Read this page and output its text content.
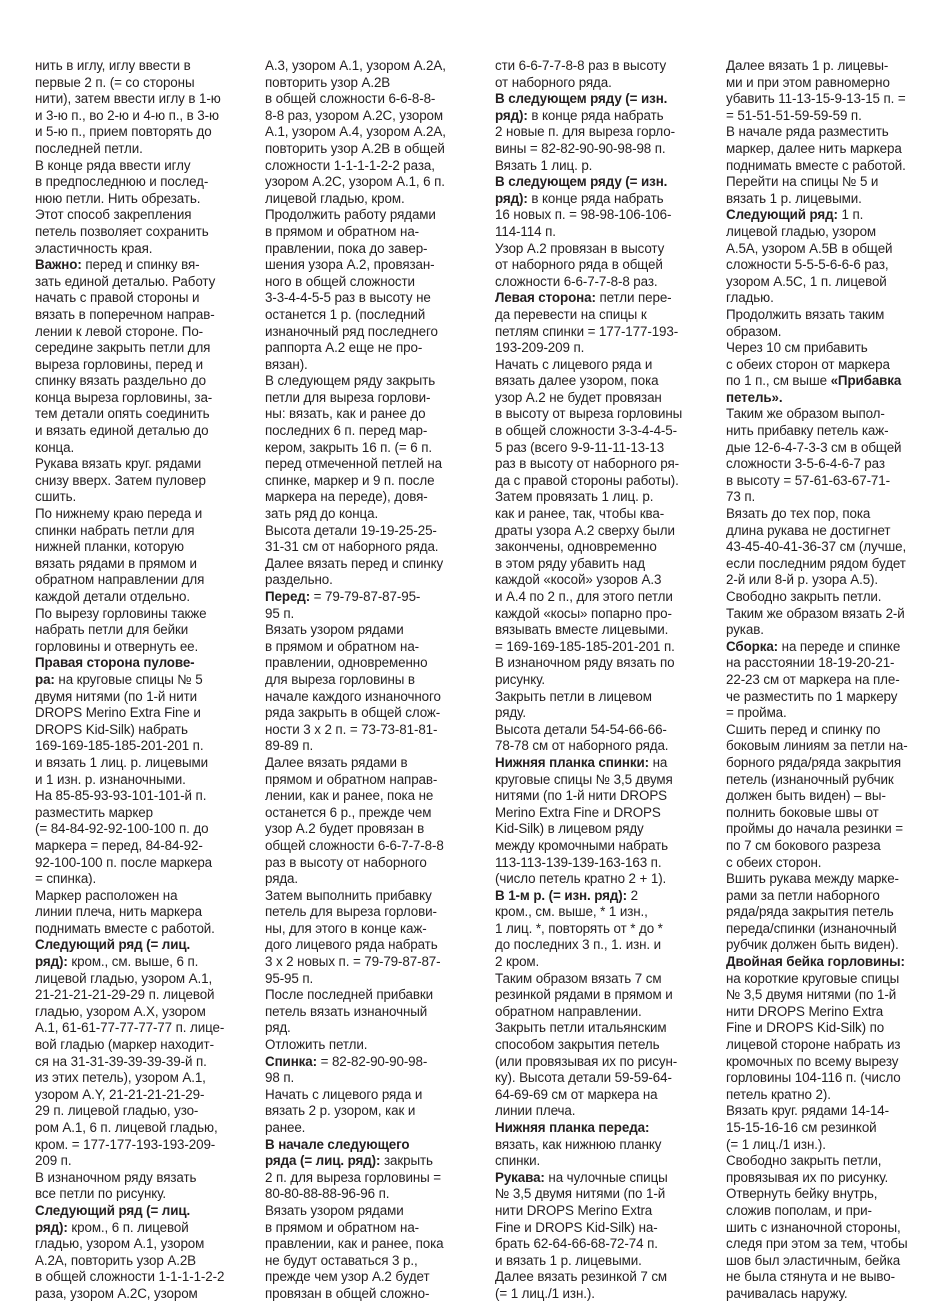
нить в иглу, иглу ввести в
первые 2 п. (= со стороны
нити), затем ввести иглу в 1-ю
и 3-ю п., во 2-ю и 4-ю п., в 3-ю
и 5-ю п., прием повторять до
последней петли.
В конце ряда ввести иглу
в предпоследнюю и послед-
нюю петли. Нить обрезать.
Этот способ закрепления
петель позволяет сохранить
эластичность края.
Важно: перед и спинку вя-
зать единой деталью. Работу
начать с правой стороны и
вязать в поперечном направ-
лении к левой стороне. По-
середине закрыть петли для
выреза горловины, перед и
спинку вязать раздельно до
конца выреза горловины, за-
тем детали опять соединить
и вязать единой деталью до
конца.
Рукава вязать круг. рядами
снизу вверх. Затем пуловер
сшить.
По нижнему краю переда и
спинки набрать петли для
нижней планки, которую
вязать рядами в прямом и
обратном направлении для
каждой детали отдельно.
По вырезу горловины также
набрать петли для бейки
горловины и отвернуть ее.
Правая сторона пулове-
ра: на круговые спицы № 5
двумя нитями (по 1-й нити
DROPS Merino Extra Fine и
DROPS Kid-Silk) набрать
169-169-185-185-201-201 п.
и вязать 1 лиц. р. лицевыми
и 1 изн. р. изнаночными.
На 85-85-93-93-101-101-й п.
разместить маркер
(= 84-84-92-92-100-100 п. до
маркера = перед, 84-84-92-
92-100-100 п. после маркера
= спинка).
Маркер расположен на
линии плеча, нить маркера
поднимать вместе с работой.
Следующий ряд (= лиц.
ряд): кром., см. выше, 6 п.
лицевой гладью, узором А.1,
21-21-21-21-29-29 п. лицевой
гладью, узором А.Х, узором
А.1, 61-61-77-77-77-77 п. лице-
вой гладью (маркер находит-
ся на 31-31-39-39-39-39-й п.
из этих петель), узором А.1,
узором А.Y, 21-21-21-21-29-
29 п. лицевой гладью, узо-
ром А.1, 6 п. лицевой гладью,
кром. = 177-177-193-193-209-
209 п.
В изнаночном ряду вязать
все петли по рисунку.
Следующий ряд (= лиц.
ряд): кром., 6 п. лицевой
гладью, узором А.1, узором
А.2А, повторить узор А.2В
в общей сложности 1-1-1-1-2-2
раза, узором А.2С, узором
А.3, узором А.1, узором А.2А,
повторить узор А.2В
в общей сложности 6-6-8-8-
8-8 раз, узором А.2С, узором
А.1, узором А.4, узором А.2А,
повторить узор А.2В в общей
сложности 1-1-1-1-2-2 раза,
узором А.2С, узором А.1, 6 п.
лицевой гладью, кром.
Продолжить работу рядами
в прямом и обратном на-
правлении, пока до завер-
шения узора А.2, провязан-
ного в общей сложности
3-3-4-4-5-5 раз в высоту не
останется 1 р. (последний
изнаночный ряд последнего
раппорта А.2 еще не про-
вязан).
В следующем ряду закрыть
петли для выреза горлови-
ны: вязать, как и ранее до
последних 6 п. перед мар-
кером, закрыть 16 п. (= 6 п.
перед отмеченной петлей на
спинке, маркер и 9 п. после
маркера на переде), довя-
зать ряд до конца.
Высота детали 19-19-25-25-
31-31 см от наборного ряда.
Далее вязать перед и спинку
раздельно.
Перед: = 79-79-87-87-95-
95 п.
Вязать узором рядами
в прямом и обратном на-
правлении, одновременно
для выреза горловины в
начале каждого изнаночного
ряда закрыть в общей слож-
ности 3 х 2 п. = 73-73-81-81-
89-89 п.
Далее вязать рядами в
прямом и обратном направ-
лении, как и ранее, пока не
останется 6 р., прежде чем
узор А.2 будет провязан в
общей сложности 6-6-7-7-8-8
раз в высоту от наборного
ряда.
Затем выполнить прибавку
петель для выреза горлови-
ны, для этого в конце каж-
дого лицевого ряда набрать
3 х 2 новых п. = 79-79-87-87-
95-95 п.
После последней прибавки
петель вязать изнаночный
ряд.
Отложить петли.
Спинка: = 82-82-90-90-98-
98 п.
Начать с лицевого ряда и
вязать 2 р. узором, как и
ранее.
В начале следующего
ряда (= лиц. ряд): закрыть
2 п. для выреза горловины =
80-80-88-88-96-96 п.
Вязать узором рядами
в прямом и обратном на-
правлении, как и ранее, пока
не будут оставаться 3 р.,
прежде чем узор А.2 будет
провязан в общей сложно-
сти 6-6-7-7-8-8 раз в высоту
от наборного ряда.
В следующем ряду (= изн.
ряд): в конце ряда набрать
2 новые п. для выреза горло-
вины = 82-82-90-90-98-98 п.
Вязать 1 лиц. р.
В следующем ряду (= изн.
ряд): в конце ряда набрать
16 новых п. = 98-98-106-106-
114-114 п.
Узор А.2 провязан в высоту
от наборного ряда в общей
сложности 6-6-7-7-8-8 раз.
Левая сторона: петли пере-
да перевести на спицы к
петлям спинки = 177-177-193-
193-209-209 п.
Начать с лицевого ряда и
вязать далее узором, пока
узор А.2 не будет провязан
в высоту от выреза горловины
в общей сложности 3-3-4-4-5-
5 раз (всего 9-9-11-11-13-13
раз в высоту от наборного ря-
да с правой стороны работы).
Затем провязать 1 лиц. р.
как и ранее, так, чтобы ква-
драты узора А.2 сверху были
закончены, одновременно
в этом ряду убавить над
каждой «косой» узоров А.3
и А.4 по 2 п., для этого петли
каждой «косы» попарно про-
вязывать вместе лицевыми.
= 169-169-185-185-201-201 п.
В изнаночном ряду вязать по
рисунку.
Закрыть петли в лицевом
ряду.
Высота детали 54-54-66-66-
78-78 см от наборного ряда.
Нижняя планка спинки: на
круговые спицы № 3,5 двумя
нитями (по 1-й нити DROPS
Merino Extra Fine и DROPS
Kid-Silk) в лицевом ряду
между кромочными набрать
113-113-139-139-163-163 п.
(число петель кратно 2 + 1).
В 1-м р. (= изн. ряд): 2
кром., см. выше, * 1 изн.,
1 лиц. *, повторять от * до *
до последних 3 п., 1. изн. и
2 кром.
Таким образом вязать 7 см
резинкой рядами в прямом и
обратном направлении.
Закрыть петли итальянским
способом закрытия петель
(или провязывая их по рисун-
ку). Высота детали 59-59-64-
64-69-69 см от маркера на
линии плеча.
Нижняя планка переда:
вязать, как нижнюю планку
спинки.
Рукава: на чулочные спицы
№ 3,5 двумя нитями (по 1-й
нити DROPS Merino Extra
Fine и DROPS Kid-Silk) на-
брать 62-64-66-68-72-74 п.
и вязать 1 р. лицевыми.
Далее вязать резинкой 7 см
(= 1 лиц./1 изн.).
Далее вязать 1 р. лицевы-
ми и при этом равномерно
убавить 11-13-15-9-13-15 п. =
= 51-51-51-59-59-59 п.
В начале ряда разместить
маркер, далее нить маркера
поднимать вместе с работой.
Перейти на спицы № 5 и
вязать 1 р. лицевыми.
Следующий ряд: 1 п.
лицевой гладью, узором
А.5А, узором А.5В в общей
сложности 5-5-5-6-6-6 раз,
узором А.5С, 1 п. лицевой
гладью.
Продолжить вязать таким
образом.
Через 10 см прибавить
с обеих сторон от маркера
по 1 п., см выше «Прибавка
петель».
Таким же образом выпол-
нить прибавку петель каж-
дые 12-6-4-7-3-3 см в общей
сложности 3-5-6-4-6-7 раз
в высоту = 57-61-63-67-71-
73 п.
Вязать до тех пор, пока
длина рукава не достигнет
43-45-40-41-36-37 см (лучше,
если последним рядом будет
2-й или 8-й р. узора А.5).
Свободно закрыть петли.
Таким же образом вязать 2-й
рукав.
Сборка: на переде и спинке
на расстоянии 18-19-20-21-
22-23 см от маркера на пле-
че разместить по 1 маркеру
= пройма.
Сшить перед и спинку по
боковым линиям за петли на-
борного ряда/ряда закрытия
петель (изнаночный рубчик
должен быть виден) – вы-
полнить боковые швы от
проймы до начала резинки =
по 7 см бокового разреза
с обеих сторон.
Вшить рукава между марке-
рами за петли наборного
ряда/ряда закрытия петель
переда/спинки (изнаночный
рубчик должен быть виден).
Двойная бейка горловины:
на короткие круговые спицы
№ 3,5 двумя нитями (по 1-й
нити DROPS Merino Extra
Fine и DROPS Kid-Silk) по
лицевой стороне набрать из
кромочных по всему вырезу
горловины 104-116 п. (число
петель кратно 2).
Вязать круг. рядами 14-14-
15-15-16-16 см резинкой
(= 1 лиц./1 изн.).
Свободно закрыть петли,
провязывая их по рисунку.
Отвернуть бейку внутрь,
сложив пополам, и при-
шить с изнаночной стороны,
следя при этом за тем, чтобы
шов был эластичным, бейка
не была стянута и не выво-
рачивалась наружу.
